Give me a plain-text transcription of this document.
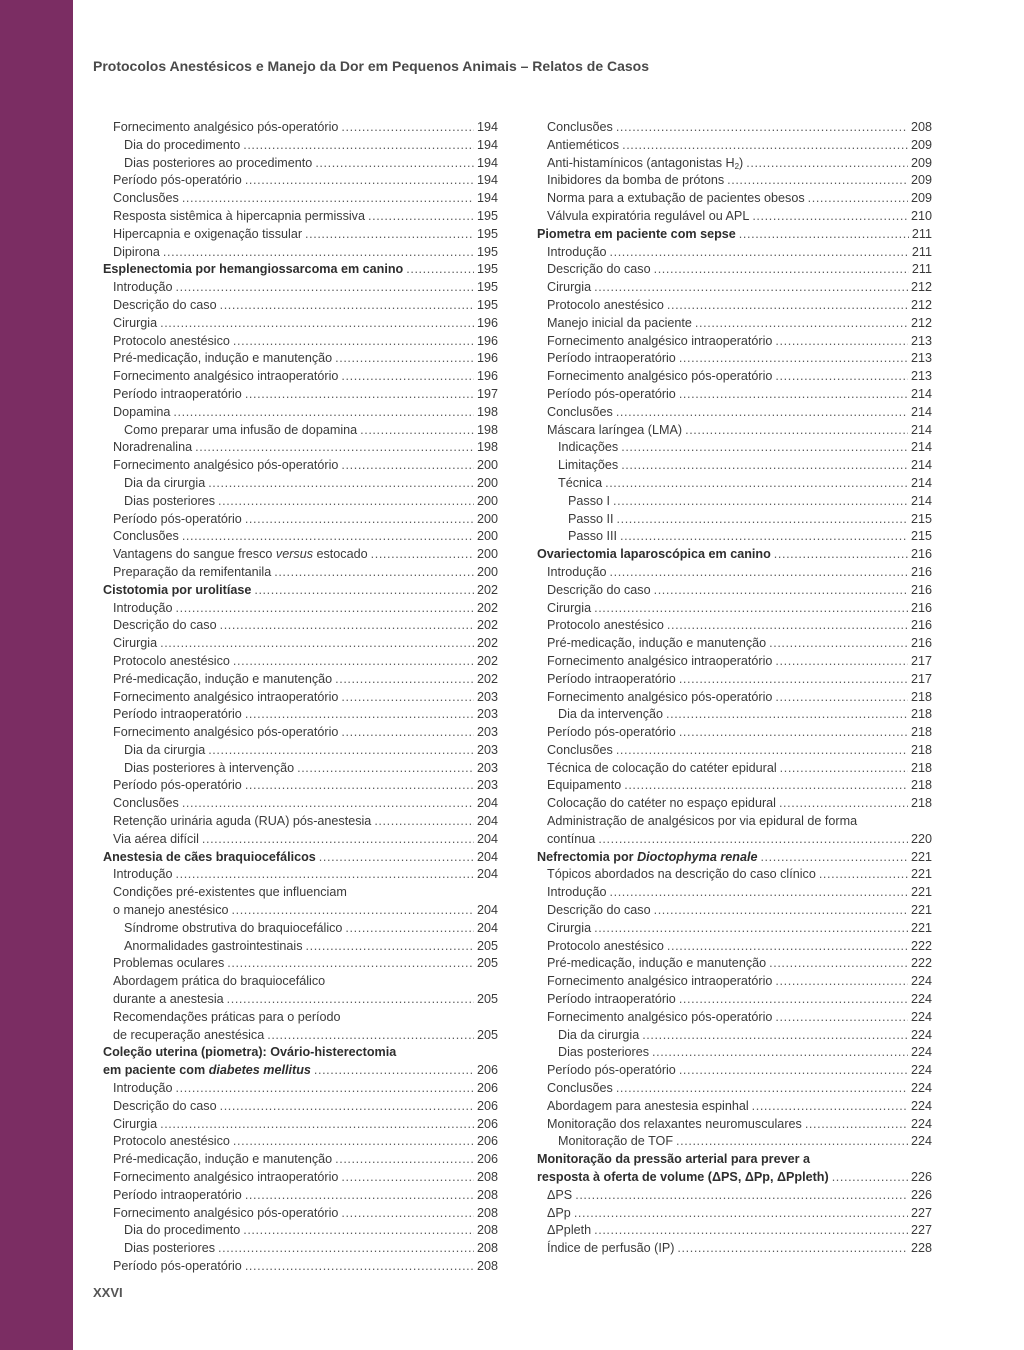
Protocolos Anestésicos e Manejo da Dor em Pequenos Animais – Relatos de Casos
Fornecimento analgésico pós-operatório .....	194
Dia do procedimento .....	194
Dias posteriores ao procedimento .....	194
Período pós-operatório .....	194
Conclusões .....	194
Resposta sistêmica à hipercapnia permissiva .....	195
Hipercapnia e oxigenação tissular .....	195
Dipirona .....	195
Esplenectomia por hemangiossarcoma em canino .....	195
Introdução .....	195
Descrição do caso .....	195
Cirurgia .....	196
Protocolo anestésico .....	196
Pré-medicação, indução e manutenção .....	196
Fornecimento analgésico intraoperatório .....	196
Período intraoperatório .....	197
Dopamina .....	198
Como preparar uma infusão de dopamina .....	198
Noradrenalina .....	198
Fornecimento analgésico pós-operatório .....	200
Dia da cirurgia .....	200
Dias posteriores .....	200
Período pós-operatório .....	200
Conclusões .....	200
Vantagens do sangue fresco versus estocado .....	200
Preparação da remifentanila .....	200
Cistotomia por urolitíase .....	202
Introdução .....	202
Descrição do caso .....	202
Cirurgia .....	202
Protocolo anestésico .....	202
Pré-medicação, indução e manutenção .....	202
Fornecimento analgésico intraoperatório .....	203
Período intraoperatório .....	203
Fornecimento analgésico pós-operatório .....	203
Dia da cirurgia .....	203
Dias posteriores à intervenção .....	203
Período pós-operatório .....	203
Conclusões .....	204
Retenção urinária aguda (RUA) pós-anestesia .....	204
Via aérea difícil .....	204
Anestesia de cães braquiocefálicos .....	204
Introdução .....	204
Condições pré-existentes que influenciam
o manejo anestésico .....	204
Síndrome obstrutiva do braquiocefálico .....	204
Anormalidades gastrointestinais .....	205
Problemas oculares .....	205
Abordagem prática do braquiocefálico
durante a anestesia .....	205
Recomendações práticas para o período
de recuperação anestésica .....	205
Coleção uterina (piometra): Ovário-histerectomia
em paciente com diabetes mellitus .....	206
Introdução .....	206
Descrição do caso .....	206
Cirurgia .....	206
Protocolo anestésico .....	206
Pré-medicação, indução e manutenção .....	206
Fornecimento analgésico intraoperatório .....	208
Período intraoperatório .....	208
Fornecimento analgésico pós-operatório .....	208
Dia do procedimento .....	208
Dias posteriores .....	208
Período pós-operatório .....	208
Conclusões .....	208
Antieméticos .....	209
Anti-histamínicos (antagonistas $H_2$) .....	209
Inibidores da bomba de prótons .....	209
Norma para a extubação de pacientes obesos .....	209
Válvula expiratória regulável ou APL .....	210
Piometra em paciente com sepse .....	211
Introdução .....	211
Descrição do caso .....	211
Cirurgia .....	212
Protocolo anestésico .....	212
Manejo inicial da paciente .....	212
Fornecimento analgésico intraoperatório .....	213
Período intraoperatório .....	213
Fornecimento analgésico pós-operatório .....	213
Período pós-operatório .....	214
Conclusões .....	214
Máscara laríngea (LMA) .....	214
Indicações .....	214
Limitações .....	214
Técnica .....	214
Passo I .....	214
Passo II .....	215
Passo III .....	215
Ovariectomia laparoscópica em canino .....	216
Introdução .....	216
Descrição do caso .....	216
Cirurgia .....	216
Protocolo anestésico .....	216
Pré-medicação, indução e manutenção .....	216
Fornecimento analgésico intraoperatório .....	217
Período intraoperatório .....	217
Fornecimento analgésico pós-operatório .....	218
Dia da intervenção .....	218
Período pós-operatório .....	218
Conclusões .....	218
Técnica de colocação do catéter epidural .....	218
Equipamento .....	218
Colocação do catéter no espaço epidural .....	218
Administração de analgésicos por via epidural de forma
contínua .....	220
Nefrectomia por Dioctophyma renale .....	221
Tópicos abordados na descrição do caso clínico .....	221
Introdução .....	221
Descrição do caso .....	221
Cirurgia .....	221
Protocolo anestésico .....	222
Pré-medicação, indução e manutenção .....	222
Fornecimento analgésico intraoperatório .....	224
Período intraoperatório .....	224
Fornecimento analgésico pós-operatório .....	224
Dia da cirurgia .....	224
Dias posteriores .....	224
Período pós-operatório .....	224
Conclusões .....	224
Abordagem para anestesia espinhal .....	224
Monitoração dos relaxantes neuromusculares .....	224
Monitoração de TOF .....	224
Monitoração da pressão arterial para prever a
resposta à oferta de volume (ΔPS, ΔPp, ΔPpleth) .....	226
ΔPS .....	226
ΔPp .....	227
ΔPpleth .....	227
Índice de perfusão (IP) .....	228
XXVI
